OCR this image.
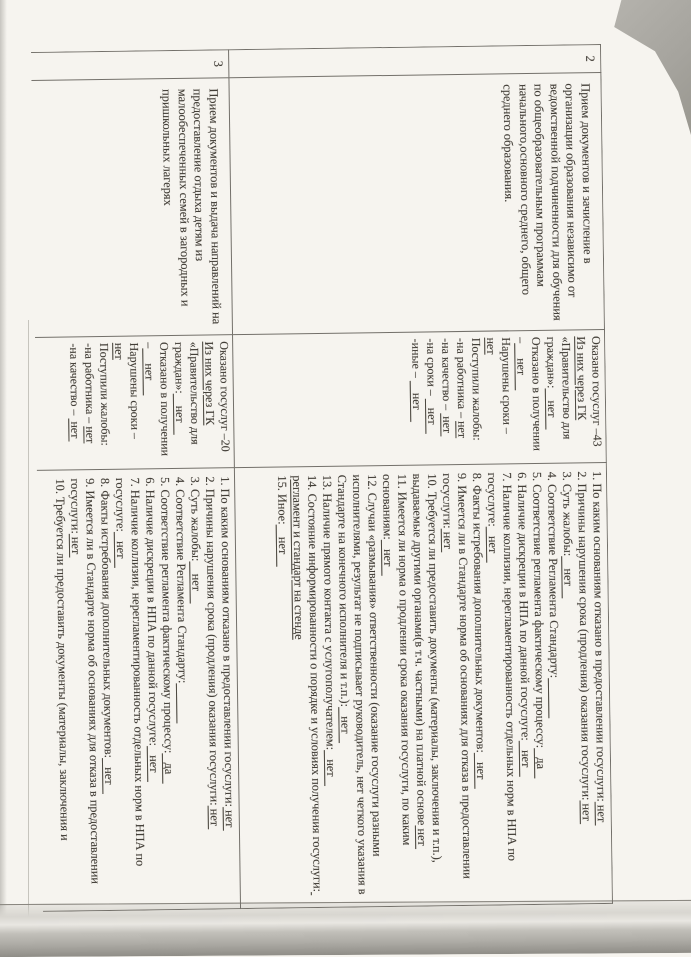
2
Прием документов и зачисление в организации образования независимо от ведомственной подчиненности для обучения по общеобразовательным программам начального,основного среднего, общего среднего образования.
Оказано госуслуг –43
Из них через ГК
«Правительство для
граждан»:    нет
Отказано в получении
–     нет
Нарушены сроки –
нет
Поступили жалобы:
-на работника – нет
-на качество –  нет
-на сроки –    нет
-иные –     нет
1. По каким основаниям отказано в предоставлении госуслуги: нет
2. Причины нарушения срока (продления) оказания госуслуги: нет
3. Суть жалобы:    нет
4. Соответствие Регламента Стандарту:
5. Соответствие регламента фактическому процессу:   да
6. Наличие дискреции в НПА по данной госуслуге:   нет
7. Наличие коллизии, нерегламентированность отдельных норм в НПА по госуслуге:   нет
8. Факты истребования дополнительных документов:   нет
9. Имеется ли в Стандарте норма об основаниях для отказа в предоставлении госуслуги: нет
10. Требуется ли предоставить документы (материалы, заключения и т.п.), выдаваемые другими органами(в т.ч. частными) на платной основе нет
11. Имеется ли норма о продлении срока оказания госуслуги, по каким основаниям:   нет
12. Случаи «размывания» ответственности (оказание госуслуги разными исполнителями, результат не подписывает руководитель, нет четкого указания в Стандарте на конечного исполнителя и т.п.):   нет
13. Наличие прямого контакта с услугополучателем:   нет
14. Состояние информированности о порядке и условиях получения госуслуги: регламент и стандарт на стенде
15. Иное:    нет
3
Прием документов и выдача направлений на предоставление отдыха детям из малообеспеченных семей в загородных и пришкольных лагерях
Оказано госуслуг –20
Из них через ГК
«Правительство для
граждан»:    нет
Отказано в получении
–     нет
Нарушены сроки –
нет
Поступили жалобы:
-на работника – нет
-на качество –  нет
1. По каким основаниям отказано в предоставлении госуслуги: нет
2. Причины нарушения срока (продления) оказания госуслуги: нет
3. Суть жалобы:    нет
4. Соответствие Регламента Стандарту:
5. Соответствие регламента фактическому процессу:   да
6. Наличие дискреции в НПА по данной госуслуге:   нет
7. Наличие коллизии, нерегламентированность отдельных норм в НПА по госуслуге:   нет
8. Факты истребования дополнительных документов:   нет
9. Имеется ли в Стандарте норма об основаниях для отказа в предоставлении госуслуги: нет
10. Требуется ли предоставить документы (материалы, заключения и
